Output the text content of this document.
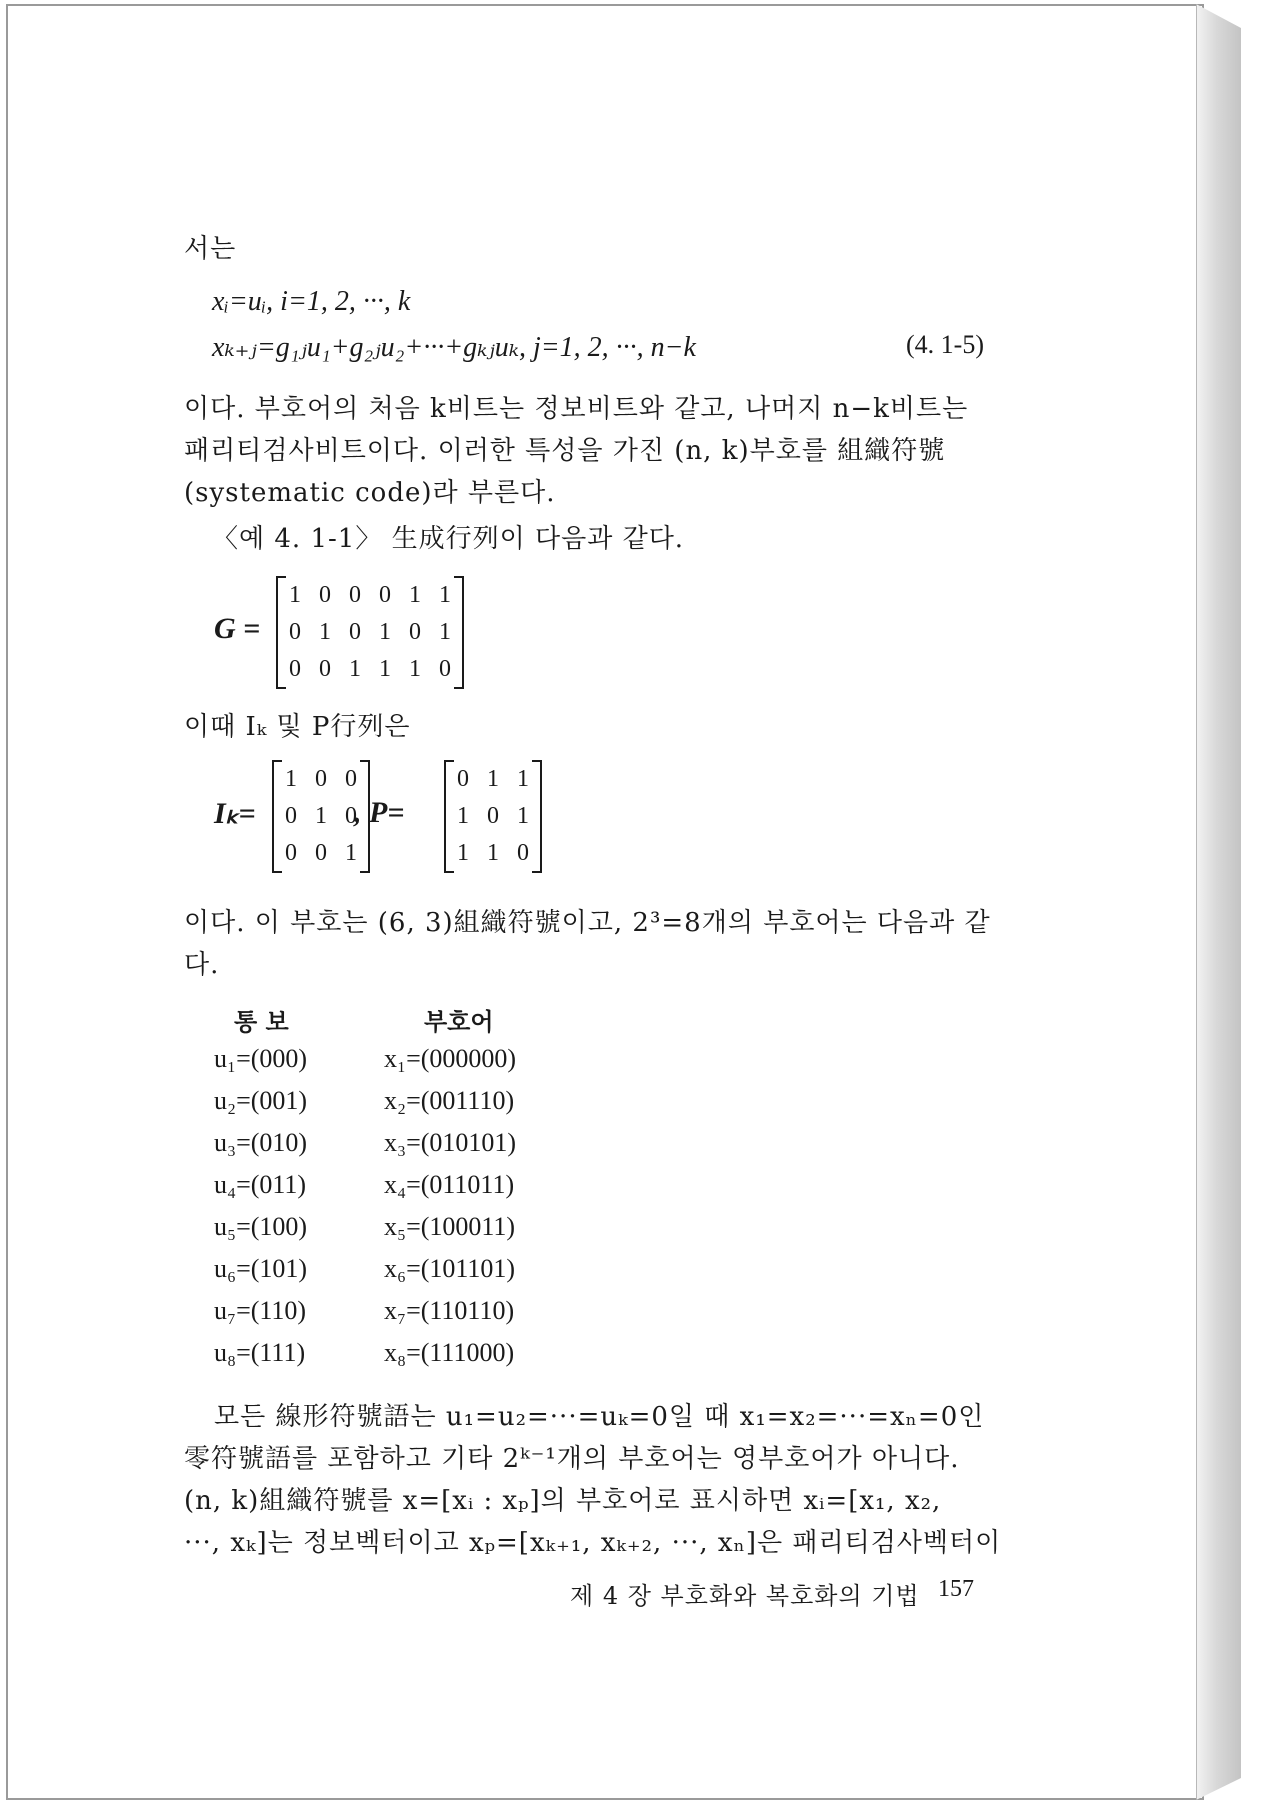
서는
xᵢ=uᵢ, i=1, 2, ···, k
xₖ₊ⱼ=g₁ⱼu₁+g₂ⱼu₂+···+gₖⱼuₖ, j=1, 2, ···, n−k	(4. 1-5)
이다. 부호어의 처음 k비트는 정보비트와 같고, 나머지 n−k비트는
패리티검사비트이다. 이러한 특성을 가진 (n, k)부호를 組織符號
(systematic code)라 부른다.
〈예 4. 1-1〉 生成行列이 다음과 같다.
G =
1 0 0 0 1 1
0 1 0 1 0 1
0 0 1 1 1 0
이때 Iₖ 및 P行列은
Iₖ=
1 0 0
0 1 0
0 0 1
, P=
0 1 1
1 0 1
1 1 0
이다. 이 부호는 (6, 3)組織符號이고, 2³=8개의 부호어는 다음과 같
다.
통 보	부호어
u₁=(000)	x₁=(000000)
u₂=(001)	x₂=(001110)
u₃=(010)	x₃=(010101)
u₄=(011)	x₄=(011011)
u₅=(100)	x₅=(100011)
u₆=(101)	x₆=(101101)
u₇=(110)	x₇=(110110)
u₈=(111)	x₈=(111000)
모든 線形符號語는 u₁=u₂=···=uₖ=0일 때 x₁=x₂=···=xₙ=0인
零符號語를 포함하고 기타 2ᵏ⁻¹개의 부호어는 영부호어가 아니다.
(n, k)組織符號를 x=[xᵢ : xₚ]의 부호어로 표시하면 xᵢ=[x₁, x₂,
···, xₖ]는 정보벡터이고 xₚ=[xₖ₊₁, xₖ₊₂, ···, xₙ]은 패리티검사벡터이
제 4 장 부호화와 복호화의 기법 157
